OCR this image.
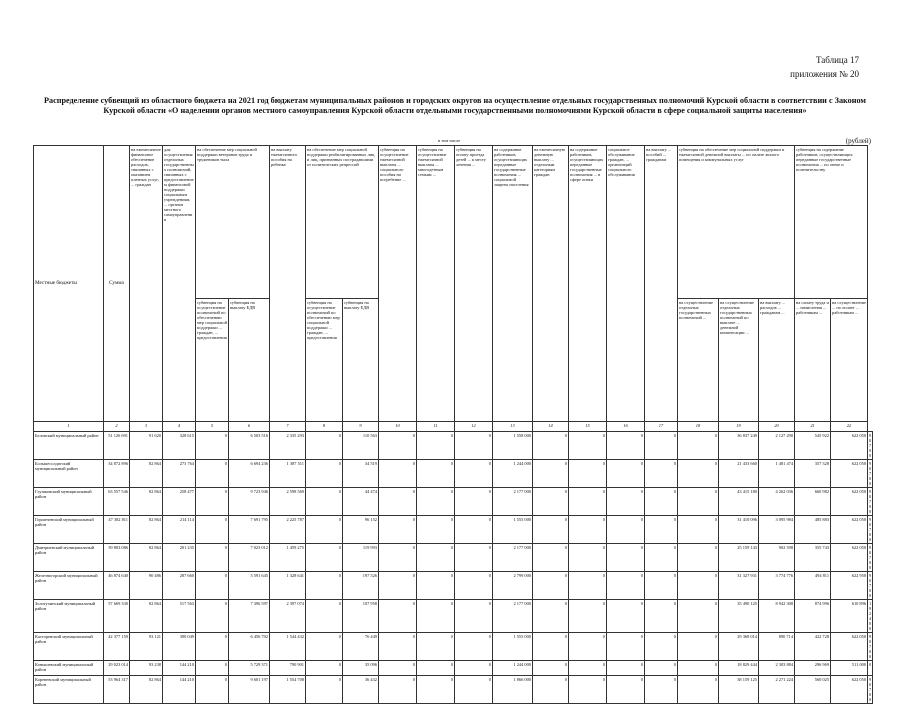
Таблица 17
приложения № 20
Распределение субвенций из областного бюджета на 2021 год бюджетам муниципальных районов и городских округов на осуществление отдельных государственных полномочий Курской области в соответствии с Законом Курской области «О наделении органов местного самоуправления Курской области отдельными государственными полномочиями Курской области в сфере социальной защиты населения»
в том числе	(рублей)
Местные бюджеты	Сумма	на ежемесячное финансовое обеспечение расходов, связанных с оказанием платных услуг, ... граждан	для осуществления отдельных государственных полномочий, связанных с предоставлением финансовой поддержки социальным учреждениям, ... органов местного самоуправления	на обеспечение мер социальной поддержки ветеранов труда и тружеников тыла		на выплату ежемесячного пособия на ребенка	на обеспечение мер социальной поддержки реабилитированных лиц и лиц, признанных пострадавшими от политических репрессий		субвенция на осуществление ежемесячной выплаты ... социального пособия на погребение ...	субвенция на осуществление ежемесячной выплаты ... многодетным семьям ...	субвенция на оплату проезда детей ... к месту лечения ...	на содержание работников, осуществляющих переданные государственные полномочия ... социальной защиты населения	на ежемесячную денежную выплату ... отдельным категориям граждан	на содержание работников, осуществляющих переданные государственные полномочия ... в сфере опеки	социальное обслуживание граждан, ... организаций социального обслуживания	на выплату ... пособий ... гражданам	субвенция на обеспечение мер социальной поддержки и ежемесячной денежной выплаты ... по оплате жилого помещения и коммунальных услуг			субвенция на содержание работников, осуществляющих переданные государственные полномочия ... по опеке и попечительству		
				субвенция на осуществление полномочий по обеспечению мер социальной поддержки ... граждан, ... предоставления	субвенция на выплату ЕДВ		субвенция на осуществление полномочий по обеспечению мер социальной поддержки ... граждан, ... предоставления	субвенция на выплату ЕДВ									на осуществление отдельных государственных полномочий ...	на осуществление отдельных государственных полномочий по выплате ... денежной компенсации ...	на выплату ... расходов ... гражданам ...	на оплату труда и ... начисления ... работникам ...	на осуществление ... по оплате ... работникам ...	
1	2	3	4	5	6	7	8	9	10	11	12	13	14	15	16	17	18	19	20	21	22	
Беловский муниципальный район	51 126 691	91 620	328 615	0	6 503 516	2 335 293	0	110 563	0	0	0	1 558 000	0	0	0	0	0	36 837 249	2 127 290	545 922	622 050	90 700
Большесолдатский муниципальный район	34 872 896	82 864	273 764	0	6 694 236	1 387 511	0	34 519	0	0	0	1 244 000	0	0	0	0	0	21 433 660	1 481 474	357 328	622 050	90 700
Глушковский муниципальный район	63 557 546	82 864	258 477	0	9 723 946	2 598 569	0	44 474	0	0	0	2 177 000	0	0	0	0	0	43 415 180	4 262 036	660 982	622 050	90 700
Горшеченский муниципальный район	47 382 811	82 864	214 114	0	7 691 795	2 225 787	0	96 152	0	0	0	1 555 000	0	0	0	0	0	31 410 096	3 095 984	485 883	622 050	90 700
Дмитриевский муниципальный район	39 803 086	82 864	201 235	0	7 023 012	1 459 275	0	119 993	0	0	0	2 177 000	0	0	0	0	0	25 159 143	902 398	355 743	622 050	90 700
Железногорский муниципальный район	46 874 640	90 486	287 660	0	5 591 645	1 328 641	0	197 526	0	0	0	2 799 000	0	0	0	0	0	31 327 931	3 774 776	494 811	622 950	90 700
Золотухинский муниципальный район	57 669 330	82 864	517 563	0	7 396 597	2 397 074	0	107 958	0	0	0	2 177 000	0	0	0	0	0	35 490 125	8 942 308	874 996	610 896	192 400
Касторенский муниципальный район	42 377 159	93 121	390 049	0	6 456 792	1 544 432	0	76 449	0	0	0	1 555 000	0	0	0	0	0	29 368 014	890 714	422 728	622 050	90 700
Конышевский муниципальный район	29 023 014	93 238	144 210	0	5 729 371	790 901	0	35 096	0	0	0	1 244 000	0	0	0	0	0	18 829 444	2 303 884	296 969	511 000	0
Кореневский муниципальный район	53 964 317	82 864	144 210	0	9 601 197	1 554 708	0	36 432	0	0	0	1 866 000	0	0	0	0	0	38 159 125	2 271 224	560 025	622 050	90 700
